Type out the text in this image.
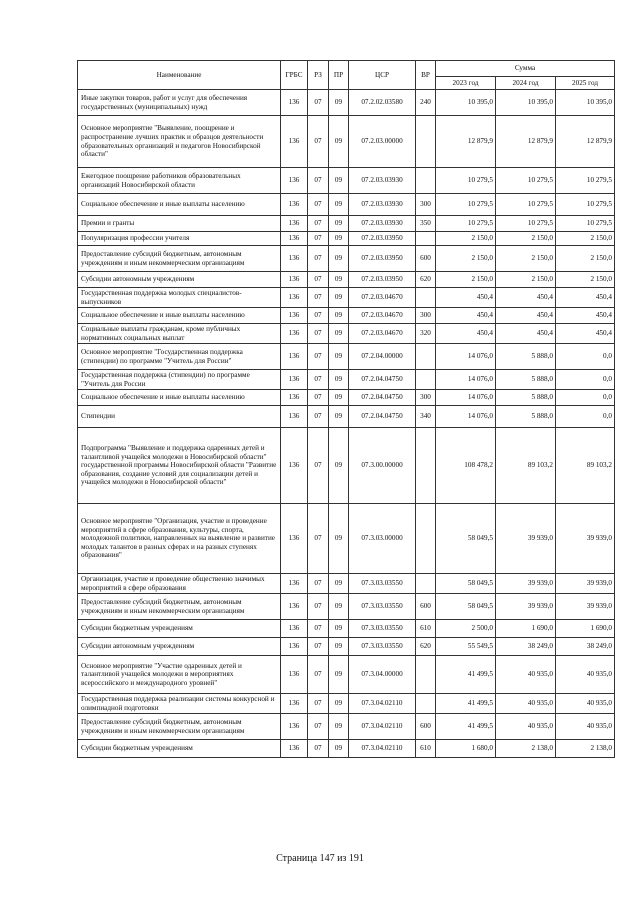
Наименование	ГРБС	РЗ	ПР	ЦСР	ВР	Сумма		
						2023 год	2024 год	2025 год
Иные закупки товаров, работ и услуг для обеспечения государственных (муниципальных) нужд	136	07	09	07.2.02.03580	240	10 395,0	10 395,0	10 395,0
Основное мероприятие "Выявление, поощрение и распространение лучших практик и образцов деятельности образовательных организаций и педагогов Новосибирской области"	136	07	09	07.2.03.00000		12 879,9	12 879,9	12 879,9
Ежегодное поощрение работников образовательных организаций Новосибирской области	136	07	09	07.2.03.03930		10 279,5	10 279,5	10 279,5
Социальное обеспечение и иные выплаты населению	136	07	09	07.2.03.03930	300	10 279,5	10 279,5	10 279,5
Премии и гранты	136	07	09	07.2.03.03930	350	10 279,5	10 279,5	10 279,5
Популяризация профессии учителя	136	07	09	07.2.03.03950		2 150,0	2 150,0	2 150,0
Предоставление субсидий бюджетным, автономным учреждениям и иным некоммерческим организациям	136	07	09	07.2.03.03950	600	2 150,0	2 150,0	2 150,0
Субсидии автономным учреждениям	136	07	09	07.2.03.03950	620	2 150,0	2 150,0	2 150,0
Государственная поддержка молодых специалистов-выпускников	136	07	09	07.2.03.04670		450,4	450,4	450,4
Социальное обеспечение и иные выплаты населению	136	07	09	07.2.03.04670	300	450,4	450,4	450,4
Социальные выплаты гражданам, кроме публичных нормативных социальных выплат	136	07	09	07.2.03.04670	320	450,4	450,4	450,4
Основное мероприятие "Государственная поддержка (стипендии) по программе "Учитель для России"	136	07	09	07.2.04.00000		14 076,0	5 888,0	0,0
Государственная поддержка (стипендии) по программе "Учитель для России	136	07	09	07.2.04.04750		14 076,0	5 888,0	0,0
Социальное обеспечение и иные выплаты населению	136	07	09	07.2.04.04750	300	14 076,0	5 888,0	0,0
Стипендии	136	07	09	07.2.04.04750	340	14 076,0	5 888,0	0,0
Подпрограмма "Выявление и поддержка одаренных детей и талантливой учащейся молодежи в Новосибирской области" государственной программы Новосибирской области "Развитие образования, создание условий для социализации детей и учащейся молодежи в Новосибирской области"	136	07	09	07.3.00.00000		108 478,2	89 103,2	89 103,2
Основное мероприятие "Организация, участие и проведение мероприятий в сфере образования, культуры, спорта, молодежной политики, направленных на выявление и развитие молодых талантов в разных сферах и на разных ступенях образования"	136	07	09	07.3.03.00000		58 049,5	39 939,0	39 939,0
Организация, участие и проведение общественно значимых мероприятий в сфере образования	136	07	09	07.3.03.03550		58 049,5	39 939,0	39 939,0
Предоставление субсидий бюджетным, автономным учреждениям и иным некоммерческим организациям	136	07	09	07.3.03.03550	600	58 049,5	39 939,0	39 939,0
Субсидии бюджетным учреждениям	136	07	09	07.3.03.03550	610	2 500,0	1 690,0	1 690,0
Субсидии автономным учреждениям	136	07	09	07.3.03.03550	620	55 549,5	38 249,0	38 249,0
Основное мероприятие "Участие одаренных детей и талантливой учащейся молодежи в мероприятиях всероссийского и международного уровней"	136	07	09	07.3.04.00000		41 499,5	40 935,0	40 935,0
Государственная поддержка реализации системы конкурсной и олимпиадной подготовки	136	07	09	07.3.04.02110		41 499,5	40 935,0	40 935,0
Предоставление субсидий бюджетным, автономным учреждениям и иным некоммерческим организациям	136	07	09	07.3.04.02110	600	41 499,5	40 935,0	40 935,0
Субсидии бюджетным учреждениям	136	07	09	07.3.04.02110	610	1 680,0	2 138,0	2 138,0
Страница 147 из 191
